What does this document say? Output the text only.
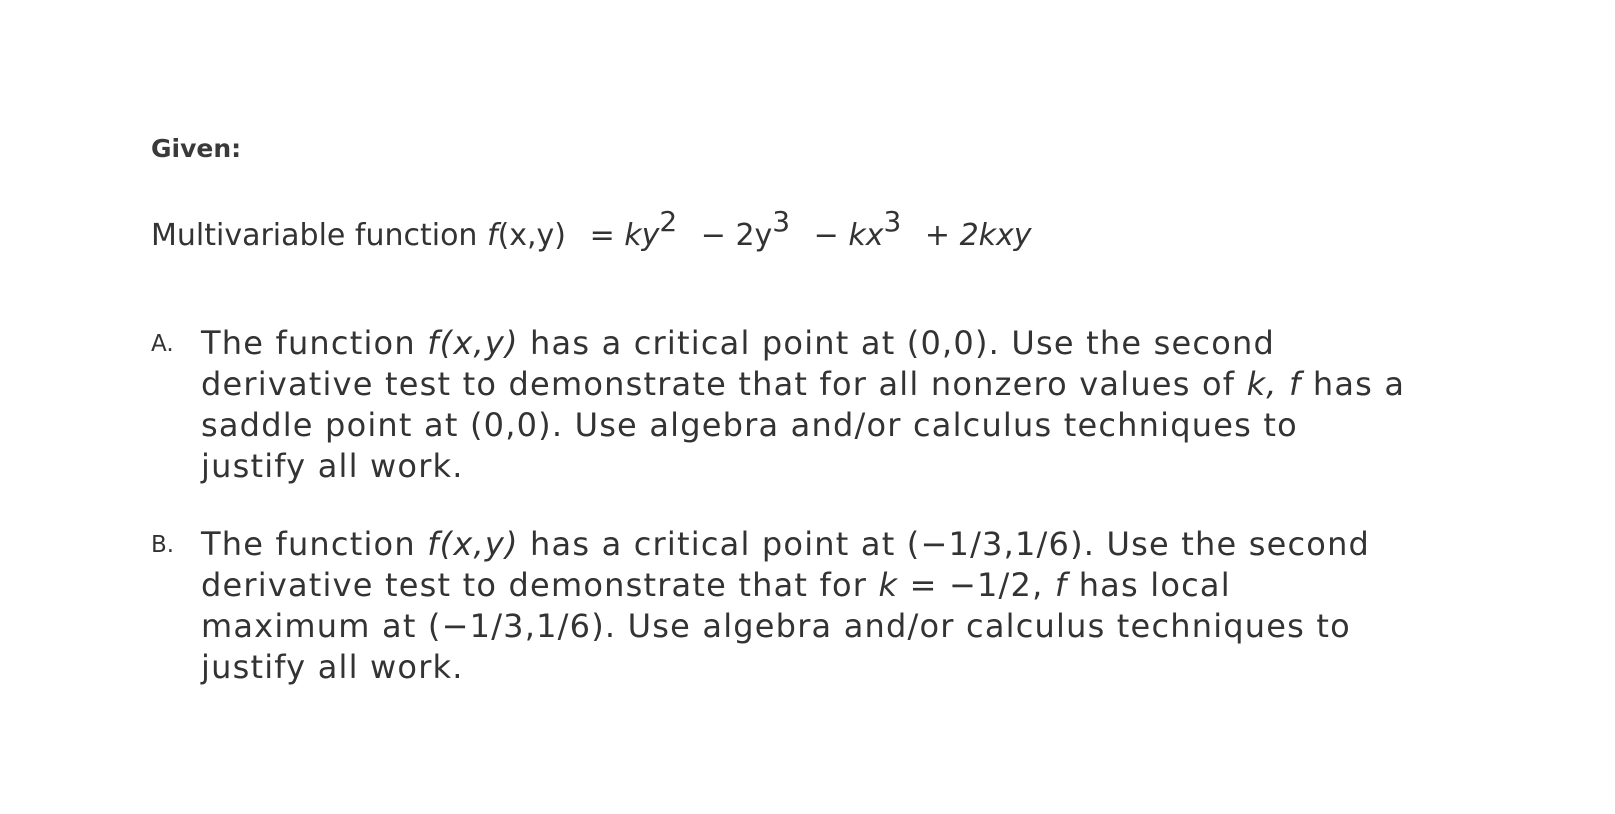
Given:
Multivariable function $f(x,y) = ky^2 - 2y^3 - kx^3 + 2kxy$
A. The function f(x,y) has a critical point at (0,0). Use the second
derivative test to demonstrate that for all nonzero values of k, f has a
saddle point at (0,0). Use algebra and/or calculus techniques to
justify all work.
B. The function f(x,y) has a critical point at (−1/3,1/6). Use the second
derivative test to demonstrate that for k = −1/2, f has local
maximum at (−1/3,1/6). Use algebra and/or calculus techniques to
justify all work.
